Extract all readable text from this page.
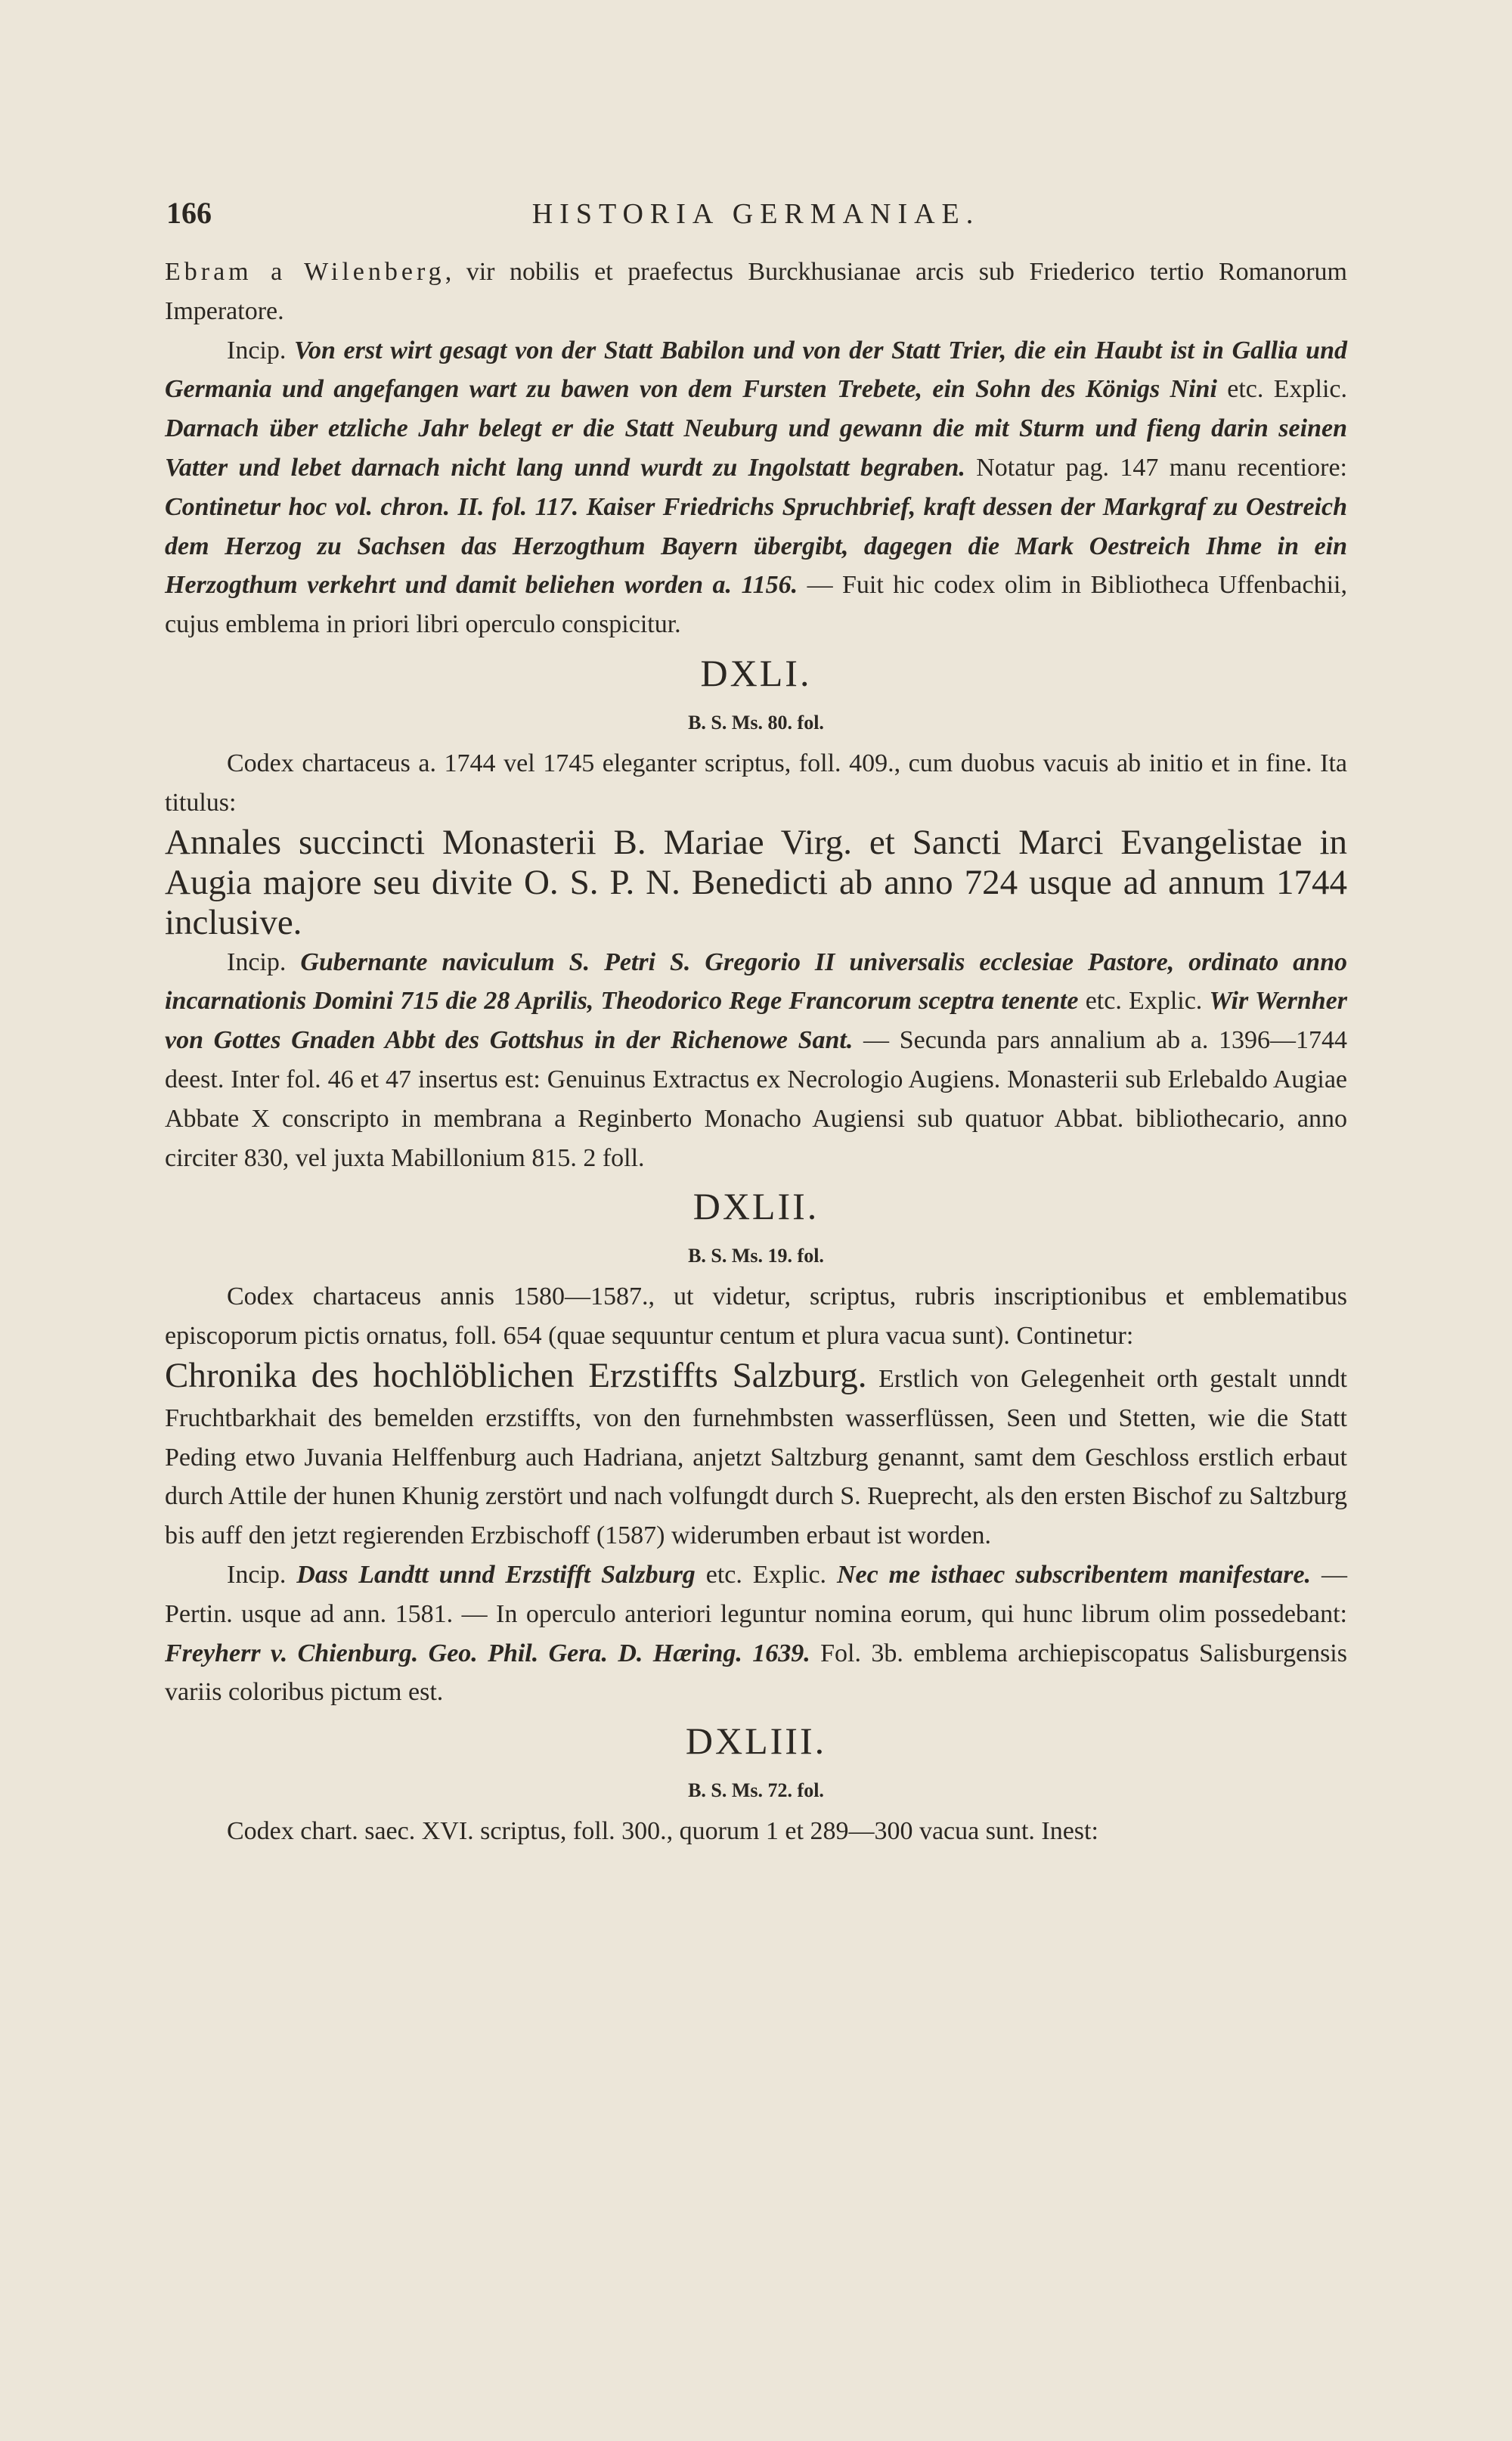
166	HISTORIA GERMANIAE.

Ebram a Wilenberg, vir nobilis et praefectus Burckhusianae arcis sub Friederico tertio Romanorum Imperatore.

Incip. Von erst wirt gesagt von der Statt Babilon und von der Statt Trier, die ein Haubt ist in Gallia und Germania und angefangen wart zu bawen von dem Fursten Trebete, ein Sohn des Königs Nini etc. Explic. Darnach über etzliche Jahr belegt er die Statt Neuburg und gewann die mit Sturm und fieng darin seinen Vatter und lebet darnach nicht lang unnd wurdt zu Ingolstatt begraben. Notatur pag. 147 manu recentiore: Continetur hoc vol. chron. II. fol. 117. Kaiser Friedrichs Spruchbrief, kraft dessen der Markgraf zu Oestreich dem Herzog zu Sachsen das Herzogthum Bayern übergibt, dagegen die Mark Oestreich Ihme in ein Herzogthum verkehrt und damit beliehen worden a. 1156. — Fuit hic codex olim in Bibliotheca Uffenbachii, cujus emblema in priori libri operculo conspicitur.

DXLI.
B. S. Ms. 80. fol.

Codex chartaceus a. 1744 vel 1745 eleganter scriptus, foll. 409., cum duobus vacuis ab initio et in fine. Ita titulus:

Annales succincti Monasterii B. Mariae Virg. et Sancti Marci Evangelistae in Augia majore seu divite O. S. P. N. Benedicti ab anno 724 usque ad annum 1744 inclusive.

Incip. Gubernante naviculum S. Petri S. Gregorio II universalis ecclesiae Pastore, ordinato anno incarnationis Domini 715 die 28 Aprilis, Theodorico Rege Francorum sceptra tenente etc. Explic. Wir Wernher von Gottes Gnaden Abbt des Gottshus in der Richenowe Sant. — Secunda pars annalium ab a. 1396—1744 deest. Inter fol. 46 et 47 insertus est: Genuinus Extractus ex Necrologio Augiens. Monasterii sub Erlebaldo Augiae Abbate X conscripto in membrana a Reginberto Monacho Augiensi sub quatuor Abbat. bibliothecario, anno circiter 830, vel juxta Mabillonium 815. 2 foll.

DXLII.
B. S. Ms. 19. fol.

Codex chartaceus annis 1580—1587., ut videtur, scriptus, rubris inscriptionibus et emblematibus episcoporum pictis ornatus, foll. 654 (quae sequuntur centum et plura vacua sunt). Continetur:

Chronika des hochlöblichen Erzstiffts Salzburg. Erstlich von Gelegenheit orth gestalt unndt Fruchtbarkhait des bemelden erzstiffts, von den furnehmbsten wasserflüssen, Seen und Stetten, wie die Statt Peding etwo Juvania Helffenburg auch Hadriana, anjetzt Saltzburg genannt, samt dem Geschloss erstlich erbaut durch Attile der hunen Khunig zerstört und nach volfungdt durch S. Rueprecht, als den ersten Bischof zu Saltzburg bis auff den jetzt regierenden Erzbischoff (1587) widerumben erbaut ist worden.

Incip. Dass Landtt unnd Erzstifft Salzburg etc. Explic. Nec me isthaec subscribentem manifestare. — Pertin. usque ad ann. 1581. — In operculo anteriori leguntur nomina eorum, qui hunc librum olim possedebant: Freyherr v. Chienburg. Geo. Phil. Gera. D. Hæring. 1639. Fol. 3b. emblema archiepiscopatus Salisburgensis variis coloribus pictum est.

DXLIII.
B. S. Ms. 72. fol.

Codex chart. saec. XVI. scriptus, foll. 300., quorum 1 et 289—300 vacua sunt. Inest:
